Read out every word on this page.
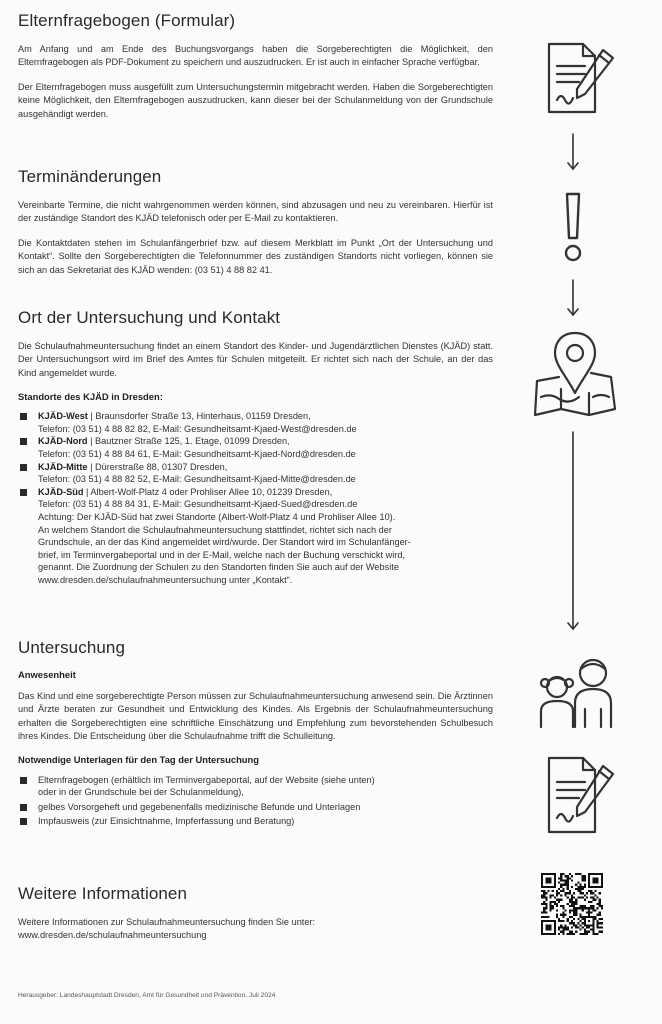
Elternfragebogen (Formular)

Am Anfang und am Ende des Buchungsvorgangs haben die Sorgeberechtigten die Möglichkeit, den Elternfragebogen als PDF-Dokument zu speichern und auszudrucken. Er ist auch in einfacher Sprache verfügbar.

Der Elternfragebogen muss ausgefüllt zum Untersuchungstermin mitgebracht werden. Haben die Sorgeberechtigten keine Möglichkeit, den Elternfragebogen auszudrucken, kann dieser bei der Schulanmeldung von der Grundschule ausgehändigt werden.

Terminänderungen

Vereinbarte Termine, die nicht wahrgenommen werden können, sind abzusagen und neu zu vereinbaren. Hierfür ist der zuständige Standort des KJÄD telefonisch oder per E-Mail zu kontaktieren.

Die Kontaktdaten stehen im Schulanfängerbrief bzw. auf diesem Merkblatt im Punkt „Ort der Untersuchung und Kontakt“. Sollte den Sorgeberechtigten die Telefonnummer des zuständigen Standorts nicht vorliegen, können sie sich an das Sekretariat des KJÄD wenden: (03 51) 4 88 82 41.

Ort der Untersuchung und Kontakt

Die Schulaufnahmeuntersuchung findet an einem Standort des Kinder- und Jugendärztlichen Dienstes (KJÄD) statt. Der Untersuchungsort wird im Brief des Amtes für Schulen mitgeteilt. Er richtet sich nach der Schule, an der das Kind angemeldet wurde.

Standorte des KJÄD in Dresden:
KJÄD-West | Braunsdorfer Straße 13, Hinterhaus, 01159 Dresden,
Telefon: (03 51) 4 88 82 82, E-Mail: Gesundheitsamt-Kjaed-West@dresden.de
KJÄD-Nord | Bautzner Straße 125, 1. Etage, 01099 Dresden,
Telefon: (03 51) 4 88 84 61, E-Mail: Gesundheitsamt-Kjaed-Nord@dresden.de
KJÄD-Mitte | Dürerstraße 88, 01307 Dresden,
Telefon: (03 51) 4 88 82 52, E-Mail: Gesundheitsamt-Kjaed-Mitte@dresden.de
KJÄD-Süd | Albert-Wolf-Platz 4 oder Prohliser Allee 10, 01239 Dresden,
Telefon: (03 51) 4 88 84 31, E-Mail: Gesundheitsamt-Kjaed-Sued@dresden.de
Achtung: Der KJÄD-Süd hat zwei Standorte (Albert-Wolf-Platz 4 und Prohliser Allee 10).
An welchem Standort die Schulaufnahmeuntersuchung stattfindet, richtet sich nach der
Grundschule, an der das Kind angemeldet wird/wurde. Der Standort wird im Schulanfänger-
brief, im Terminvergabeportal und in der E-Mail, welche nach der Buchung verschickt wird,
genannt. Die Zuordnung der Schulen zu den Standorten finden Sie auch auf der Website
www.dresden.de/schulaufnahmeuntersuchung unter „Kontakt“.
Untersuchung
Anwesenheit

Das Kind und eine sorgeberechtigte Person müssen zur Schulaufnahmeuntersuchung anwesend sein. Die Ärztinnen und Ärzte beraten zur Gesundheit und Entwicklung des Kindes. Als Ergebnis der Schulaufnahmeuntersuchung erhalten die Sorgeberechtigten eine schriftliche Einschätzung und Empfehlung zum bevorstehenden Schulbesuch ihres Kindes. Die Entscheidung über die Schulaufnahme trifft die Schulleitung.

Notwendige Unterlagen für den Tag der Untersuchung
Elternfragebogen (erhältlich im Terminvergabeportal, auf der Website (siehe unten)
oder in der Grundschule bei der Schulanmeldung),
gelbes Vorsorgeheft und gegebenenfalls medizinische Befunde und Unterlagen
Impfausweis (zur Einsichtnahme, Impferfassung und Beratung)
Weitere Informationen

Weitere Informationen zur Schulaufnahmeuntersuchung finden Sie unter:

www.dresden.de/schulaufnahmeuntersuchung

Herausgeber: Landeshauptstadt Dresden, Amt für Gesundheit und Prävention, Juli 2024
